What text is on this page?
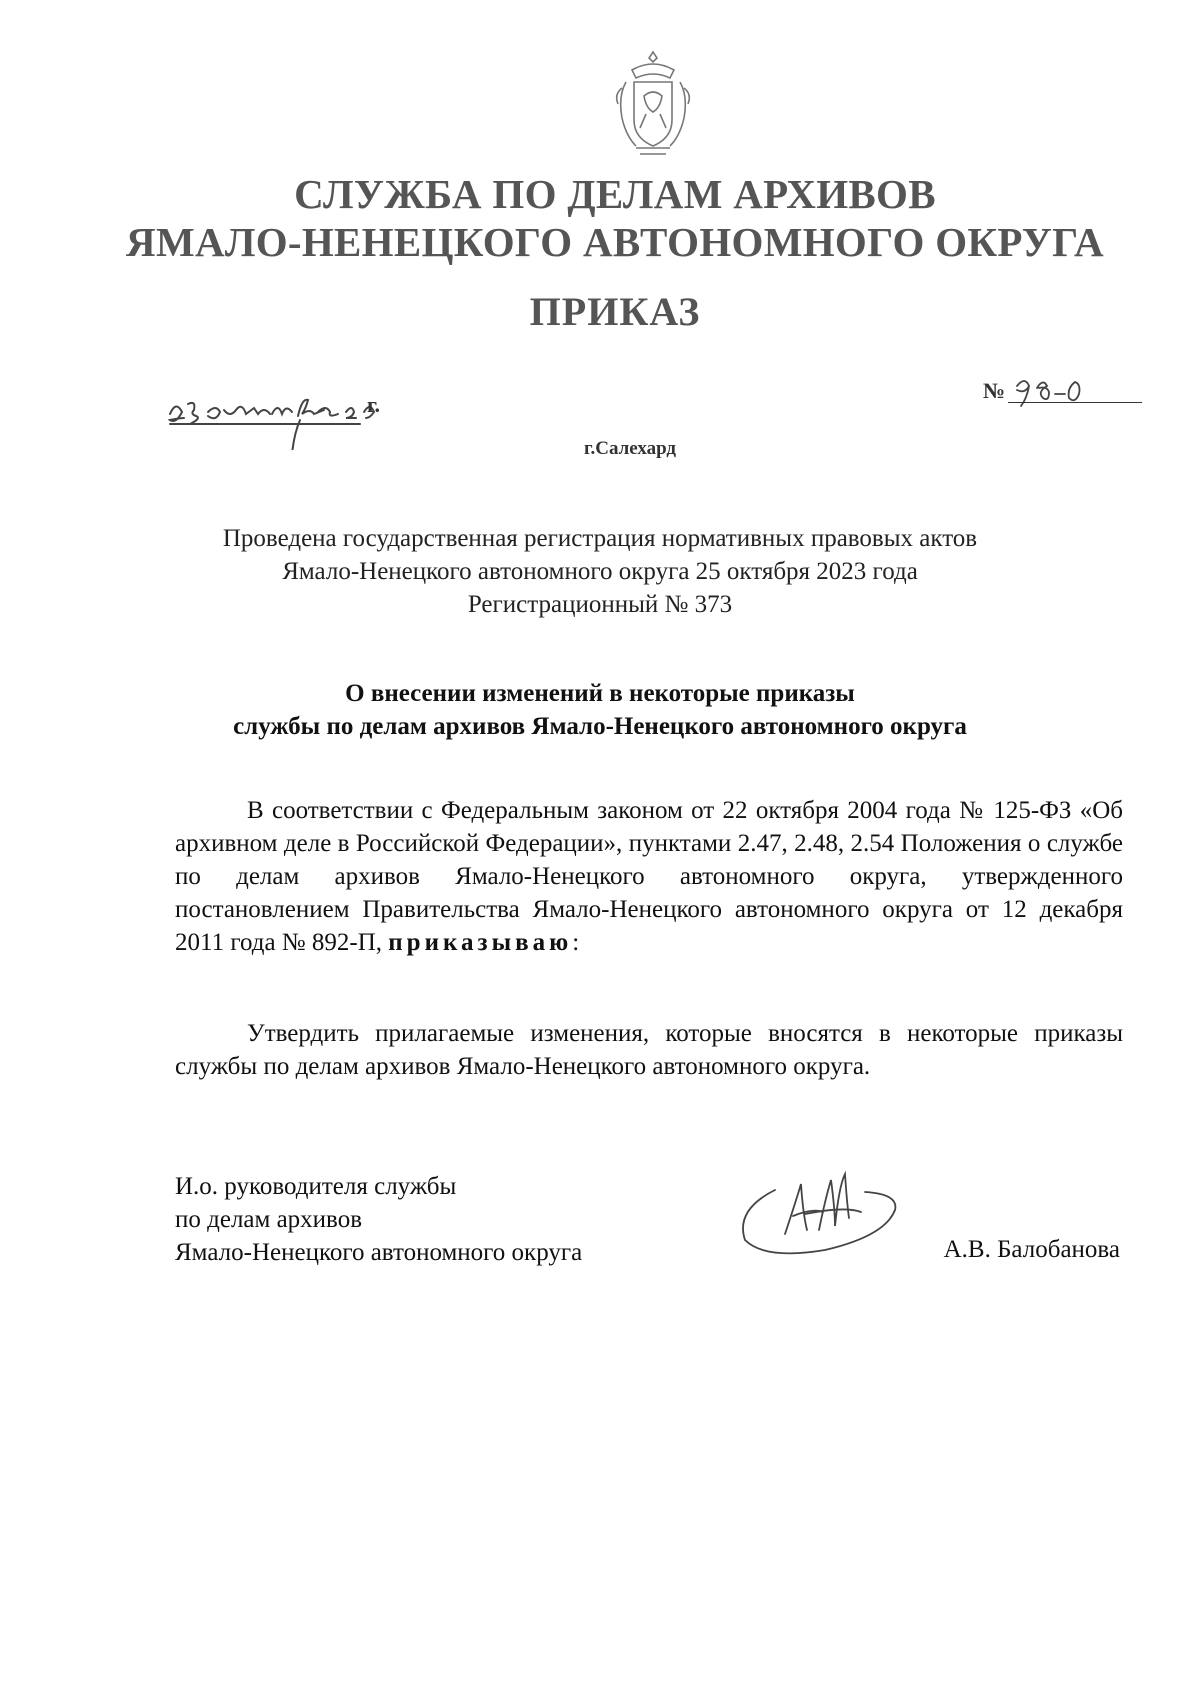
СЛУЖБА ПО ДЕЛАМ АРХИВОВ
ЯМАЛО-НЕНЕЦКОГО АВТОНОМНОГО ОКРУГА
ПРИКАЗ
г.
№
г.Салехард
Проведена государственная регистрация нормативных правовых актов
Ямало-Ненецкого автономного округа 25 октября 2023 года
Регистрационный № 373
О внесении изменений в некоторые приказы
службы по делам архивов Ямало-Ненецкого автономного округа
В соответствии с Федеральным законом от 22 октября 2004 года № 125-ФЗ «Об архивном деле в Российской Федерации», пунктами 2.47, 2.48, 2.54 Положения о службе по делам архивов Ямало-Ненецкого автономного округа, утвержденного постановлением Правительства Ямало-Ненецкого автономного округа от 12 декабря 2011 года № 892-П, приказываю:
Утвердить прилагаемые изменения, которые вносятся в некоторые приказы службы по делам архивов Ямало-Ненецкого автономного округа.
И.о. руководителя службы
по делам архивов
Ямало-Ненецкого автономного округа	А.В. Балобанова
